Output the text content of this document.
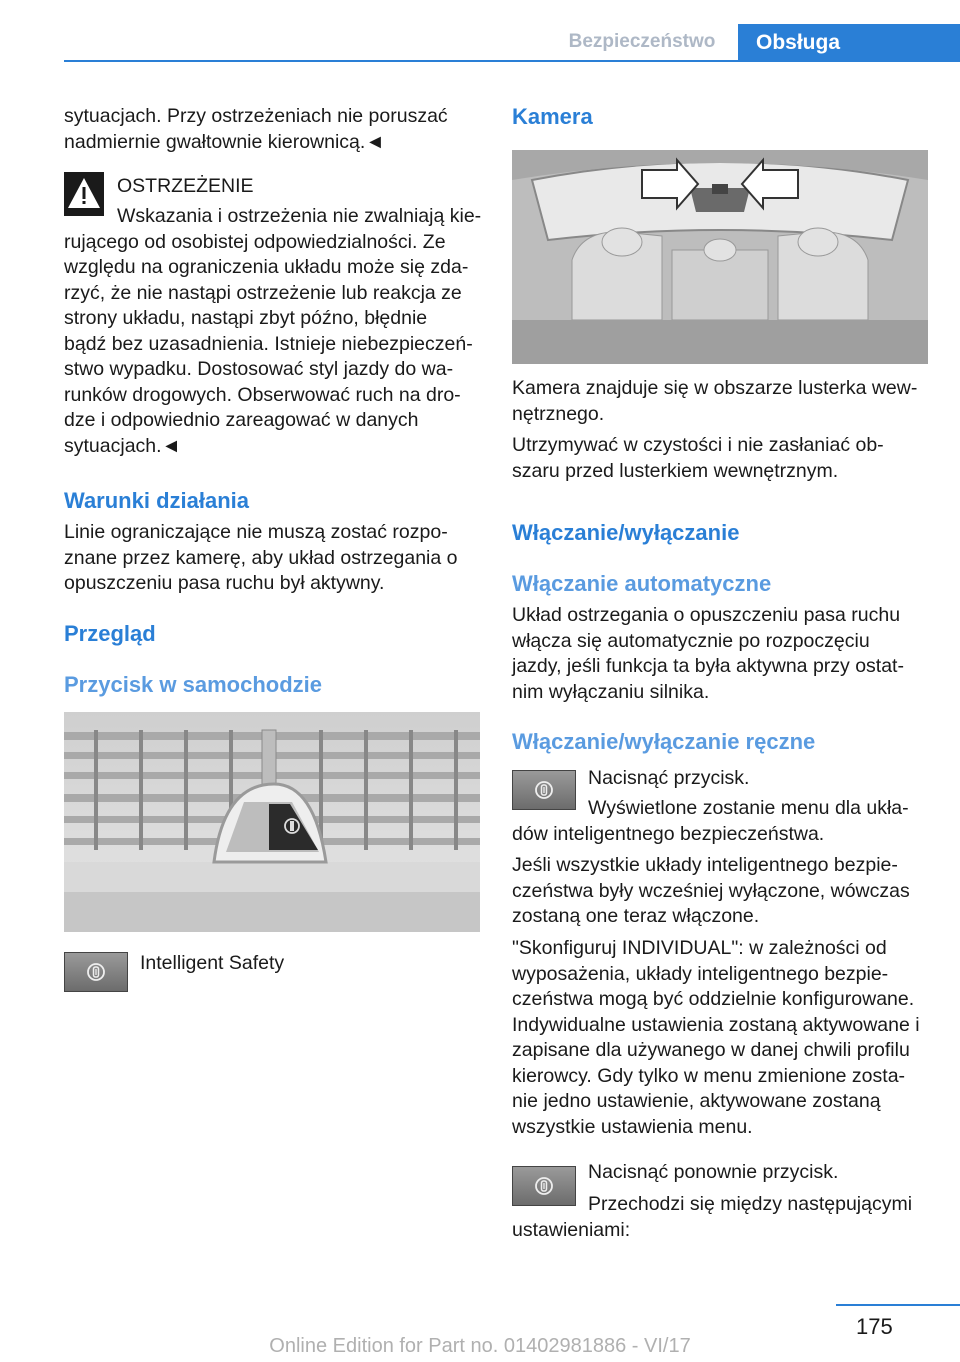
Bezpieczeństwo	Obsługa
sytuacjach. Przy ostrzeżeniach nie poruszać
nadmiernie gwałtownie kierownicą.◄
OSTRZEŻENIE
Wskazania i ostrzeżenia nie zwalniają kie‐
rującego od osobistej odpowiedzialności. Ze
względu na ograniczenia układu może się zda‐
rzyć, że nie nastąpi ostrzeżenie lub reakcja ze
strony układu, nastąpi zbyt późno, błędnie
bądź bez uzasadnienia. Istnieje niebezpieczeń‐
stwo wypadku. Dostosować styl jazdy do wa‐
runków drogowych. Obserwować ruch na dro‐
dze i odpowiednio zareagować w danych
sytuacjach.◄
Warunki działania
Linie ograniczające nie muszą zostać rozpo‐
znane przez kamerę, aby układ ostrzegania o
opuszczeniu pasa ruchu był aktywny.
Przegląd
Przycisk w samochodzie
Intelligent Safety
Kamera
Kamera znajduje się w obszarze lusterka wew‐
nętrznego.
Utrzymywać w czystości i nie zasłaniać ob‐
szaru przed lusterkiem wewnętrznym.
Włączanie/wyłączanie
Włączanie automatyczne
Układ ostrzegania o opuszczeniu pasa ruchu
włącza się automatycznie po rozpoczęciu
jazdy, jeśli funkcja ta była aktywna przy ostat‐
nim wyłączaniu silnika.
Włączanie/wyłączanie ręczne
Nacisnąć przycisk.
Wyświetlone zostanie menu dla ukła‐
dów inteligentnego bezpieczeństwa.
Jeśli wszystkie układy inteligentnego bezpie‐
czeństwa były wcześniej wyłączone, wówczas
zostaną one teraz włączone.
"Skonfiguruj INDIVIDUAL": w zależności od
wyposażenia, układy inteligentnego bezpie‐
czeństwa mogą być oddzielnie konfigurowane.
Indywidualne ustawienia zostaną aktywowane i
zapisane dla używanego w danej chwili profilu
kierowcy. Gdy tylko w menu zmienione zosta‐
nie jedno ustawienie, aktywowane zostaną
wszystkie ustawienia menu.
Nacisnąć ponownie przycisk.
Przechodzi się między następującymi
ustawieniami:
175
Online Edition for Part no. 01402981886 - VI/17
